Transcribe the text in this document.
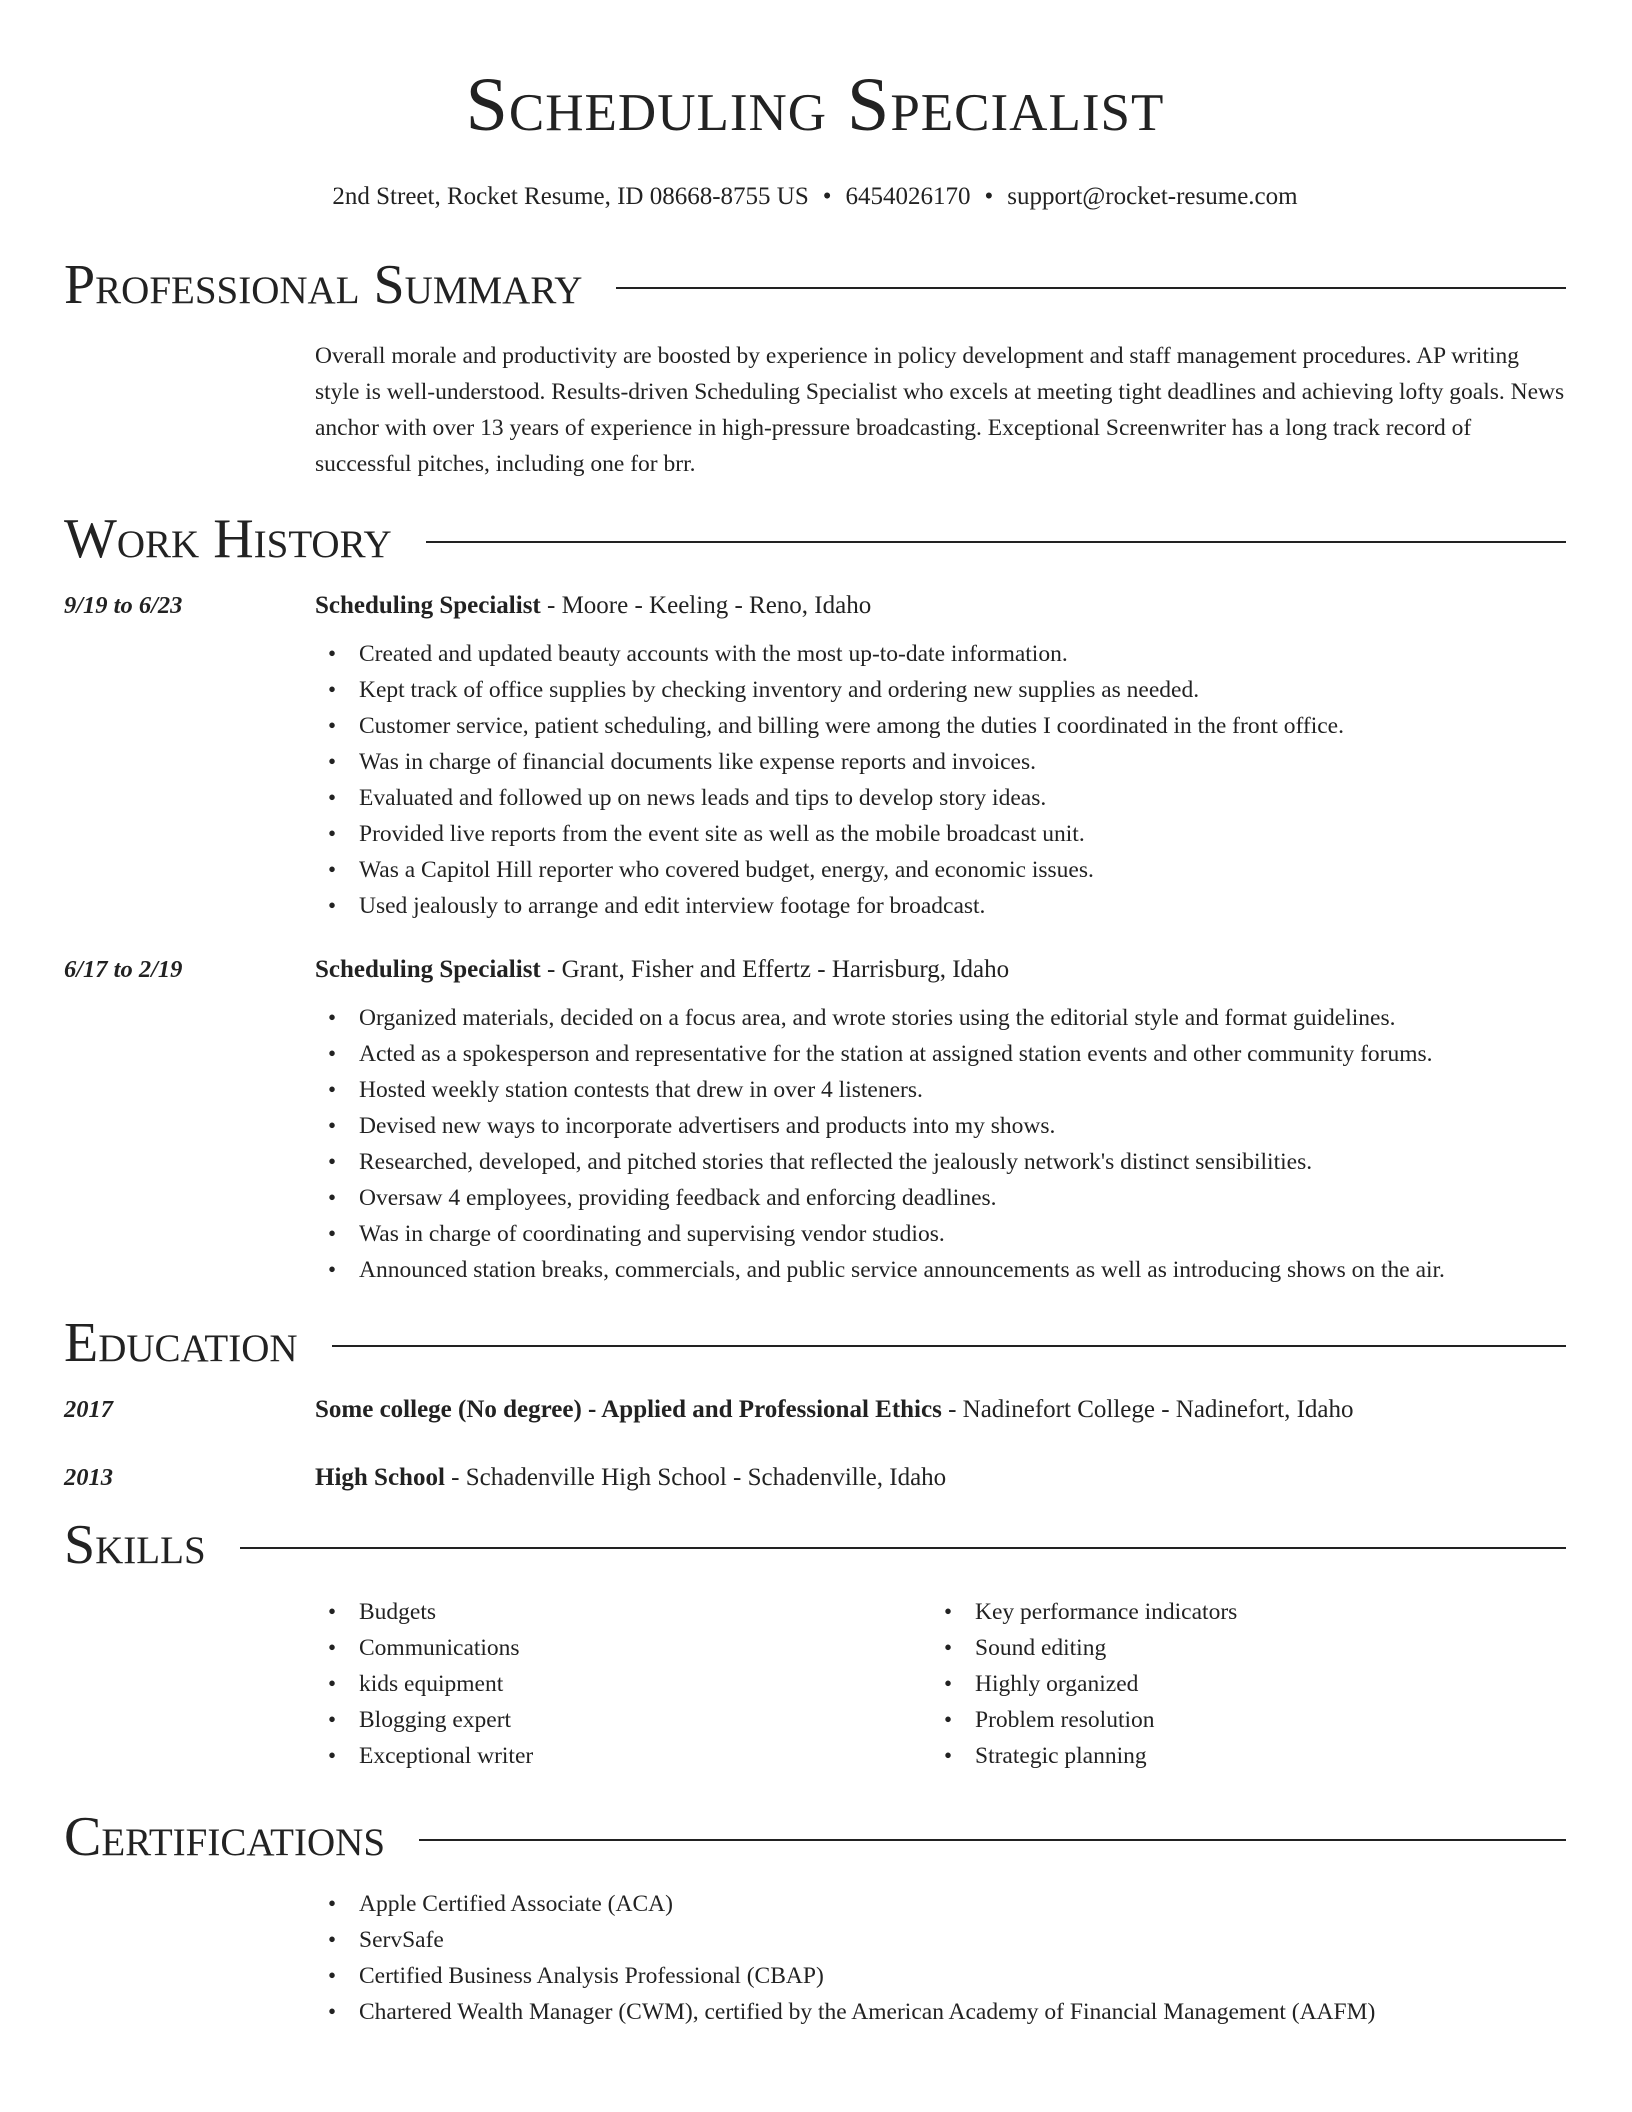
Scheduling Specialist
2nd Street, Rocket Resume, ID 08668-8755 US • 6454026170 • support@rocket-resume.com
Professional Summary
Overall morale and productivity are boosted by experience in policy development and staff management procedures. AP writing style is well-understood. Results-driven Scheduling Specialist who excels at meeting tight deadlines and achieving lofty goals. News anchor with over 13 years of experience in high-pressure broadcasting. Exceptional Screenwriter has a long track record of successful pitches, including one for brr.
Work History
9/19 to 6/23	Scheduling Specialist - Moore - Keeling - Reno, Idaho
• Created and updated beauty accounts with the most up-to-date information.
• Kept track of office supplies by checking inventory and ordering new supplies as needed.
• Customer service, patient scheduling, and billing were among the duties I coordinated in the front office.
• Was in charge of financial documents like expense reports and invoices.
• Evaluated and followed up on news leads and tips to develop story ideas.
• Provided live reports from the event site as well as the mobile broadcast unit.
• Was a Capitol Hill reporter who covered budget, energy, and economic issues.
• Used jealously to arrange and edit interview footage for broadcast.
6/17 to 2/19	Scheduling Specialist - Grant, Fisher and Effertz - Harrisburg, Idaho
• Organized materials, decided on a focus area, and wrote stories using the editorial style and format guidelines.
• Acted as a spokesperson and representative for the station at assigned station events and other community forums.
• Hosted weekly station contests that drew in over 4 listeners.
• Devised new ways to incorporate advertisers and products into my shows.
• Researched, developed, and pitched stories that reflected the jealously network's distinct sensibilities.
• Oversaw 4 employees, providing feedback and enforcing deadlines.
• Was in charge of coordinating and supervising vendor studios.
• Announced station breaks, commercials, and public service announcements as well as introducing shows on the air.
Education
2017	Some college (No degree) - Applied and Professional Ethics - Nadinefort College - Nadinefort, Idaho
2013	High School - Schadenville High School - Schadenville, Idaho
Skills
• Budgets
• Communications
• kids equipment
• Blogging expert
• Exceptional writer
• Key performance indicators
• Sound editing
• Highly organized
• Problem resolution
• Strategic planning
Certifications
• Apple Certified Associate (ACA)
• ServSafe
• Certified Business Analysis Professional (CBAP)
• Chartered Wealth Manager (CWM), certified by the American Academy of Financial Management (AAFM)
